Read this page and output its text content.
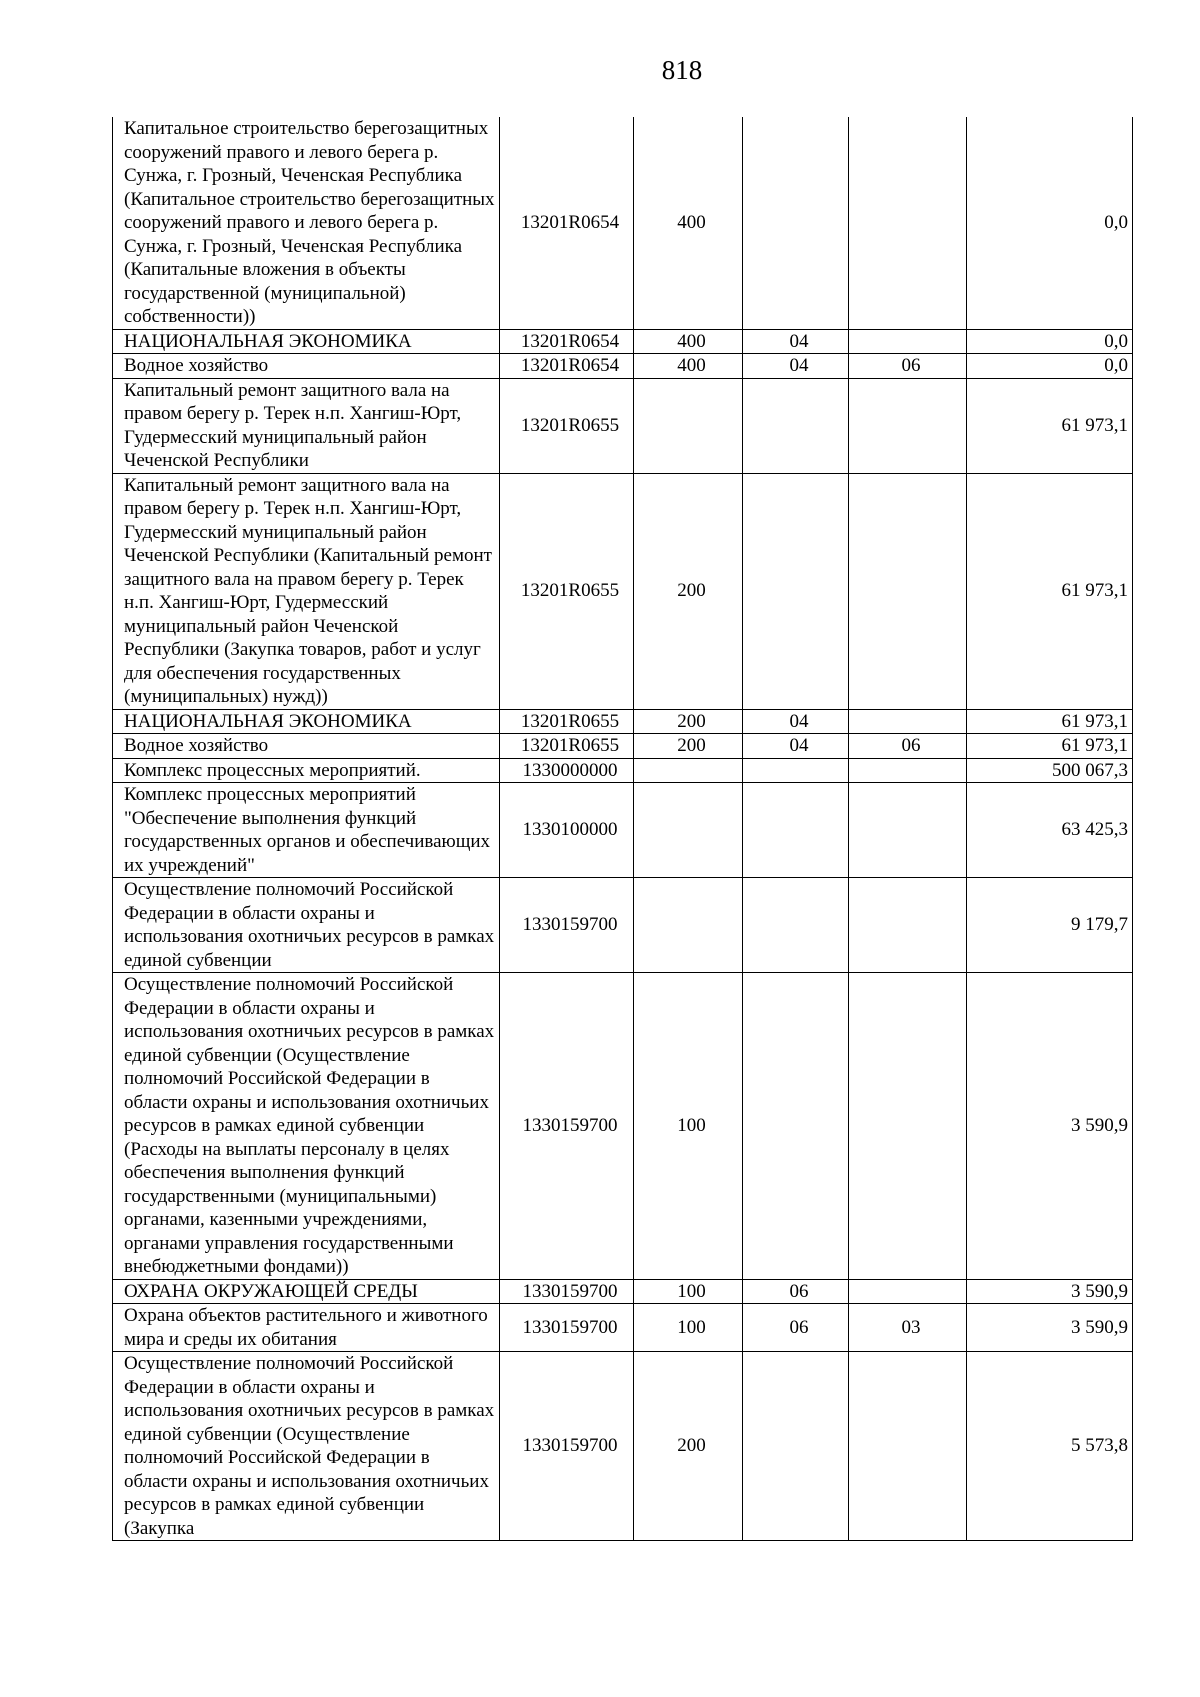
818
Капитальное строительство берегозащитных сооружений правого и левого берега р. Сунжа, г. Грозный, Чеченская Республика (Капитальное строительство берегозащитных сооружений правого и левого берега р. Сунжа, г. Грозный, Чеченская Республика (Капитальные вложения в объекты государственной (муниципальной) собственности))	13201R0654	400			0,0
НАЦИОНАЛЬНАЯ ЭКОНОМИКА	13201R0654	400	04		0,0
Водное хозяйство	13201R0654	400	04	06	0,0
Капитальный ремонт защитного вала на правом берегу р. Терек н.п. Хангиш-Юрт, Гудермесский муниципальный район Чеченской Республики	13201R0655				61 973,1
Капитальный ремонт защитного вала на правом берегу р. Терек н.п. Хангиш-Юрт, Гудермесский муниципальный район Чеченской Республики (Капитальный ремонт защитного вала на правом берегу р. Терек н.п. Хангиш-Юрт, Гудермесский муниципальный район Чеченской Республики (Закупка товаров, работ и услуг для обеспечения государственных (муниципальных) нужд))	13201R0655	200			61 973,1
НАЦИОНАЛЬНАЯ ЭКОНОМИКА	13201R0655	200	04		61 973,1
Водное хозяйство	13201R0655	200	04	06	61 973,1
Комплекс процессных мероприятий.	1330000000				500 067,3
Комплекс процессных мероприятий "Обеспечение выполнения функций государственных органов и обеспечивающих их учреждений"	1330100000				63 425,3
Осуществление полномочий Российской Федерации в области охраны и использования охотничьих ресурсов в рамках единой субвенции	1330159700				9 179,7
Осуществление полномочий Российской Федерации в области охраны и использования охотничьих ресурсов в рамках единой субвенции (Осуществление полномочий Российской Федерации в области охраны и использования охотничьих ресурсов в рамках единой субвенции (Расходы на выплаты персоналу в целях обеспечения выполнения функций государственными (муниципальными) органами, казенными учреждениями, органами управления государственными внебюджетными фондами))	1330159700	100			3 590,9
ОХРАНА ОКРУЖАЮЩЕЙ СРЕДЫ	1330159700	100	06		3 590,9
Охрана объектов растительного и животного мира и среды их обитания	1330159700	100	06	03	3 590,9
Осуществление полномочий Российской Федерации в области охраны и использования охотничьих ресурсов в рамках единой субвенции (Осуществление полномочий Российской Федерации в области охраны и использования охотничьих ресурсов в рамках единой субвенции (Закупка	1330159700	200			5 573,8
